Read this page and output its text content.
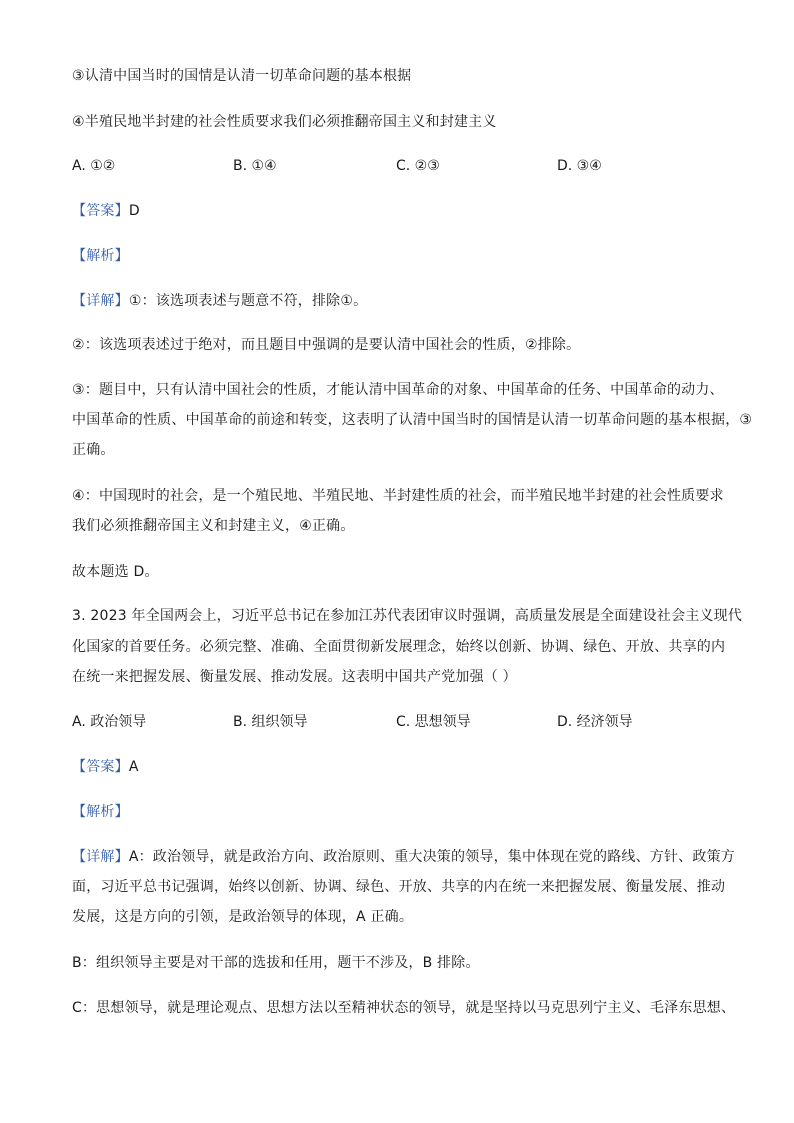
③认清中国当时的国情是认清一切革命问题的基本根据
④半殖民地半封建的社会性质要求我们必须推翻帝国主义和封建主义
A. ①②	B. ①④	C. ②③	D. ③④
【答案】D
【解析】
【详解】①：该选项表述与题意不符，排除①。
②：该选项表述过于绝对，而且题目中强调的是要认清中国社会的性质，②排除。
③：题目中，只有认清中国社会的性质，才能认清中国革命的对象、中国革命的任务、中国革命的动力、
中国革命的性质、中国革命的前途和转变，这表明了认清中国当时的国情是认清一切革命问题的基本根据，③
正确。
④：中国现时的社会，是一个殖民地、半殖民地、半封建性质的社会，而半殖民地半封建的社会性质要求
我们必须推翻帝国主义和封建主义，④正确。
故本题选 D。
3. 2023 年全国两会上，习近平总书记在参加江苏代表团审议时强调，高质量发展是全面建设社会主义现代
化国家的首要任务。必须完整、准确、全面贯彻新发展理念，始终以创新、协调、绿色、开放、共享的内
在统一来把握发展、衡量发展、推动发展。这表明中国共产党加强（ ）
A. 政治领导	B. 组织领导	C. 思想领导	D. 经济领导
【答案】A
【解析】
【详解】A：政治领导，就是政治方向、政治原则、重大决策的领导，集中体现在党的路线、方针、政策方
面，习近平总书记强调，始终以创新、协调、绿色、开放、共享的内在统一来把握发展、衡量发展、推动
发展，这是方向的引领，是政治领导的体现，A 正确。
B：组织领导主要是对干部的选拔和任用，题干不涉及，B 排除。
C：思想领导，就是理论观点、思想方法以至精神状态的领导，就是坚持以马克思列宁主义、毛泽东思想、
